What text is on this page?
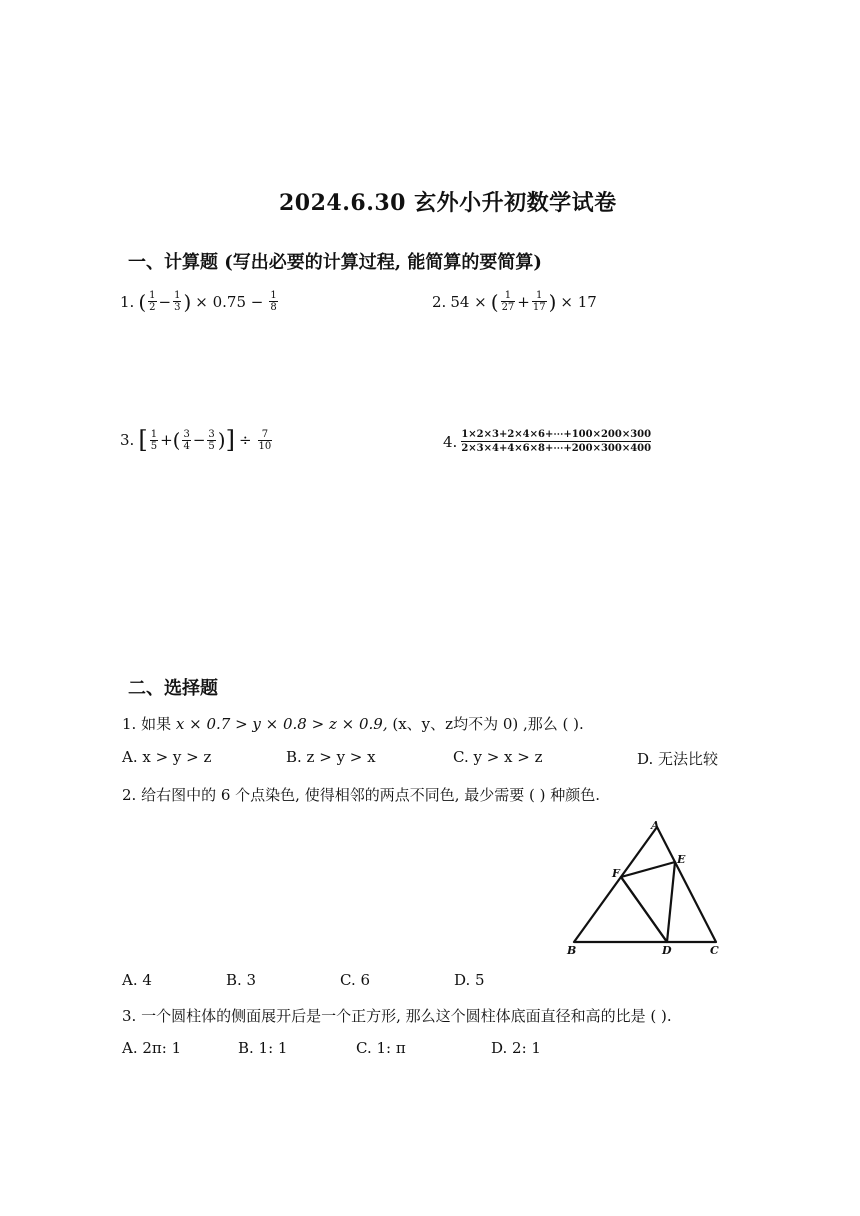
2024.6.30 玄外小升初数学试卷
一、计算题 (写出必要的计算过程, 能简算的要简算)
1. ( $\frac{1}{2} - \frac{1}{3}$ ) × $0.75 - \frac{1}{8}$	2. 54 × ( $\frac{1}{27} + \frac{1}{17}$ ) × 17
3. [ $\frac{1}{5}$ + ( $\frac{3}{4} - \frac{3}{5}$ ) ] ÷ $\frac{7}{10}$	4. $\frac{1\times 2\times 3+2\times 4\times 6+\cdots+100\times 200\times 300}{2\times 3\times 4+4\times 6\times 8+\cdots+200\times 300\times 400}$
二、选择题
1. 如果 x × 0.7 > y × 0.8 > z × 0.9, (x、y、z均不为 0) ,那么 ( ).
A. x > y > z	B. z > y > x	C. y > x > z	D. 无法比较
2. 给右图中的 6 个点染色, 使得相邻的两点不同色, 最少需要 ( ) 种颜色.
A
E
F
B	D	C
A. 4	B. 3	C. 6	D. 5
3. 一个圆柱体的侧面展开后是一个正方形, 那么这个圆柱体底面直径和高的比是 ( ).
A. 2π: 1	B. 1: 1	C. 1: π	D. 2: 1
